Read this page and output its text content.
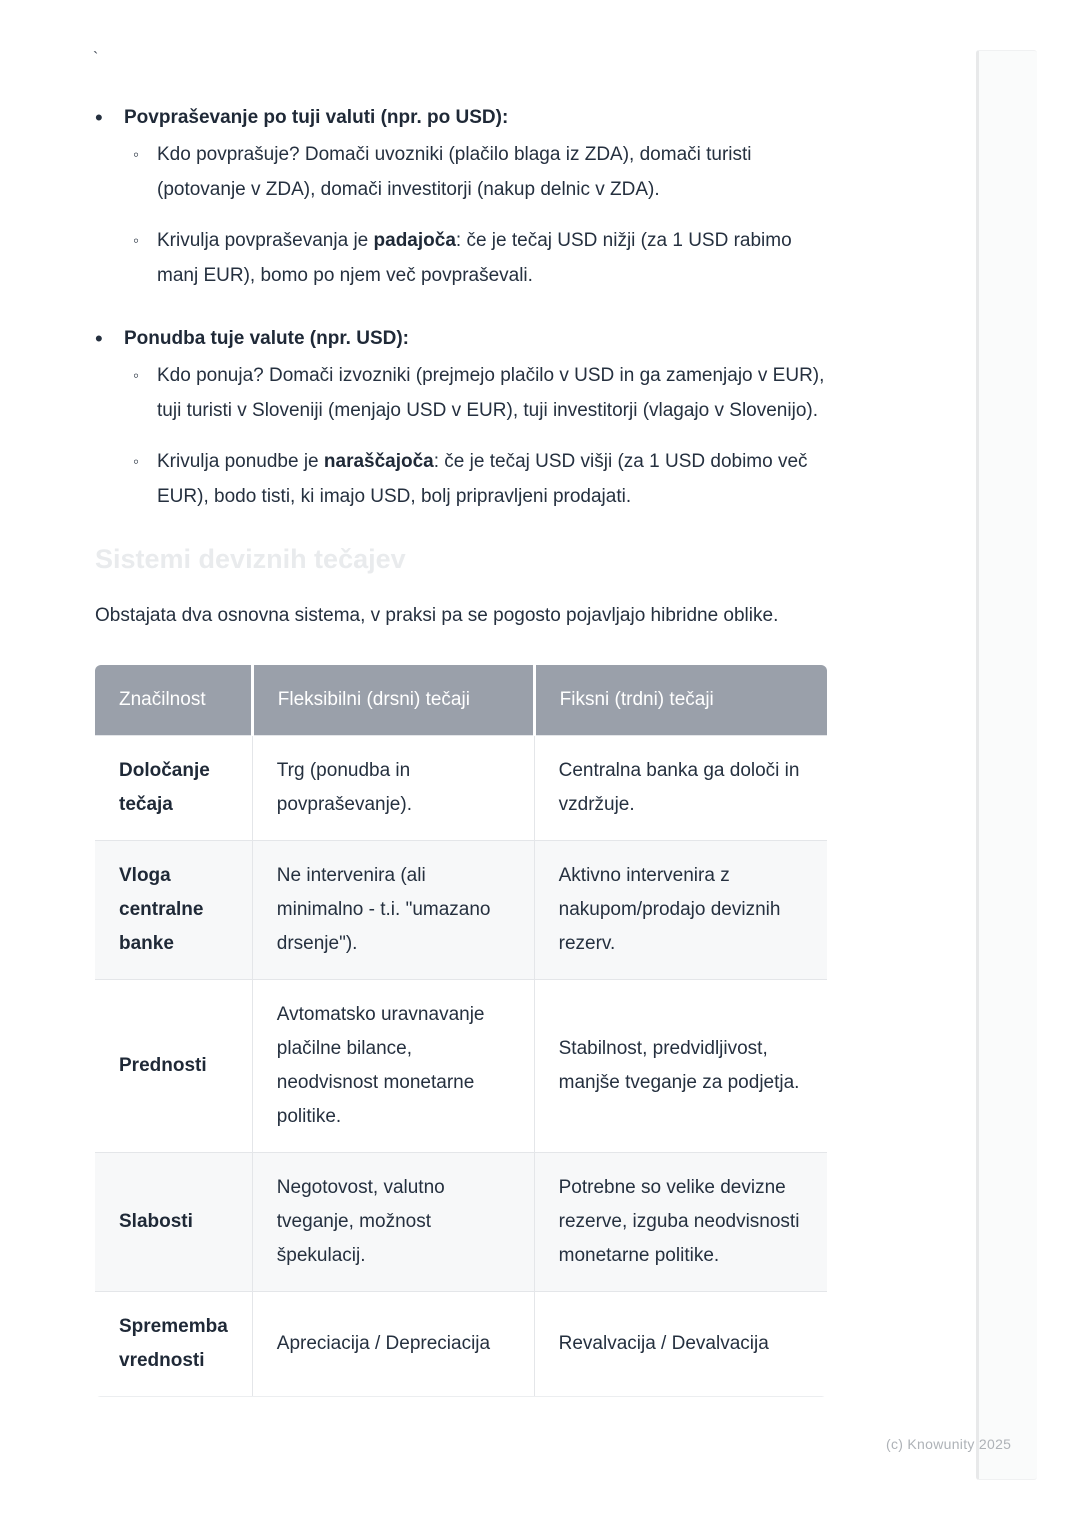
`
•	Povpraševanje po tuji valuti (npr. po USD):
◦ Kdo povprašuje? Domači uvozniki (plačilo blaga iz ZDA), domači turisti (potovanje v ZDA), domači investitorji (nakup delnic v ZDA).

◦ Krivulja povpraševanja je padajoča: če je tečaj USD nižji (za 1 USD rabimo manj EUR), bomo po njem več povpraševali.

•	Ponudba tuje valute (npr. USD):
◦ Kdo ponuja? Domači izvozniki (prejmejo plačilo v USD in ga zamenjajo v EUR), tuji turisti v Sloveniji (menjajo USD v EUR), tuji investitorji (vlagajo v Slovenijo).

◦ Krivulja ponudbe je naraščajoča: če je tečaj USD višji (za 1 USD dobimo več EUR), bodo tisti, ki imajo USD, bolj pripravljeni prodajati.

Sistemi deviznih tečajev

Obstajata dva osnovna sistema, v praksi pa se pogosto pojavljajo hibridne oblike.

Značilnost	Fleksibilni (drsni) tečaji	Fiksni (trdni) tečaji
Določanje tečaja	Trg (ponudba in povpraševanje).	Centralna banka ga določi in vzdržuje.
Vloga centralne banke	Ne intervenira (ali minimalno - t.i. "umazano drsenje").	Aktivno intervenira z nakupom/prodajo deviznih rezerv.
Prednosti	Avtomatsko uravnavanje plačilne bilance, neodvisnost monetarne politike.	Stabilnost, predvidljivost, manjše tveganje za podjetja.
Slabosti	Negotovost, valutno tveganje, možnost špekulacij.	Potrebne so velike devizne rezerve, izguba neodvisnosti monetarne politike.
Sprememba vrednosti	Apreciacija / Depreciacija	Revalvacija / Devalvacija
(c) Knowunity 2025
